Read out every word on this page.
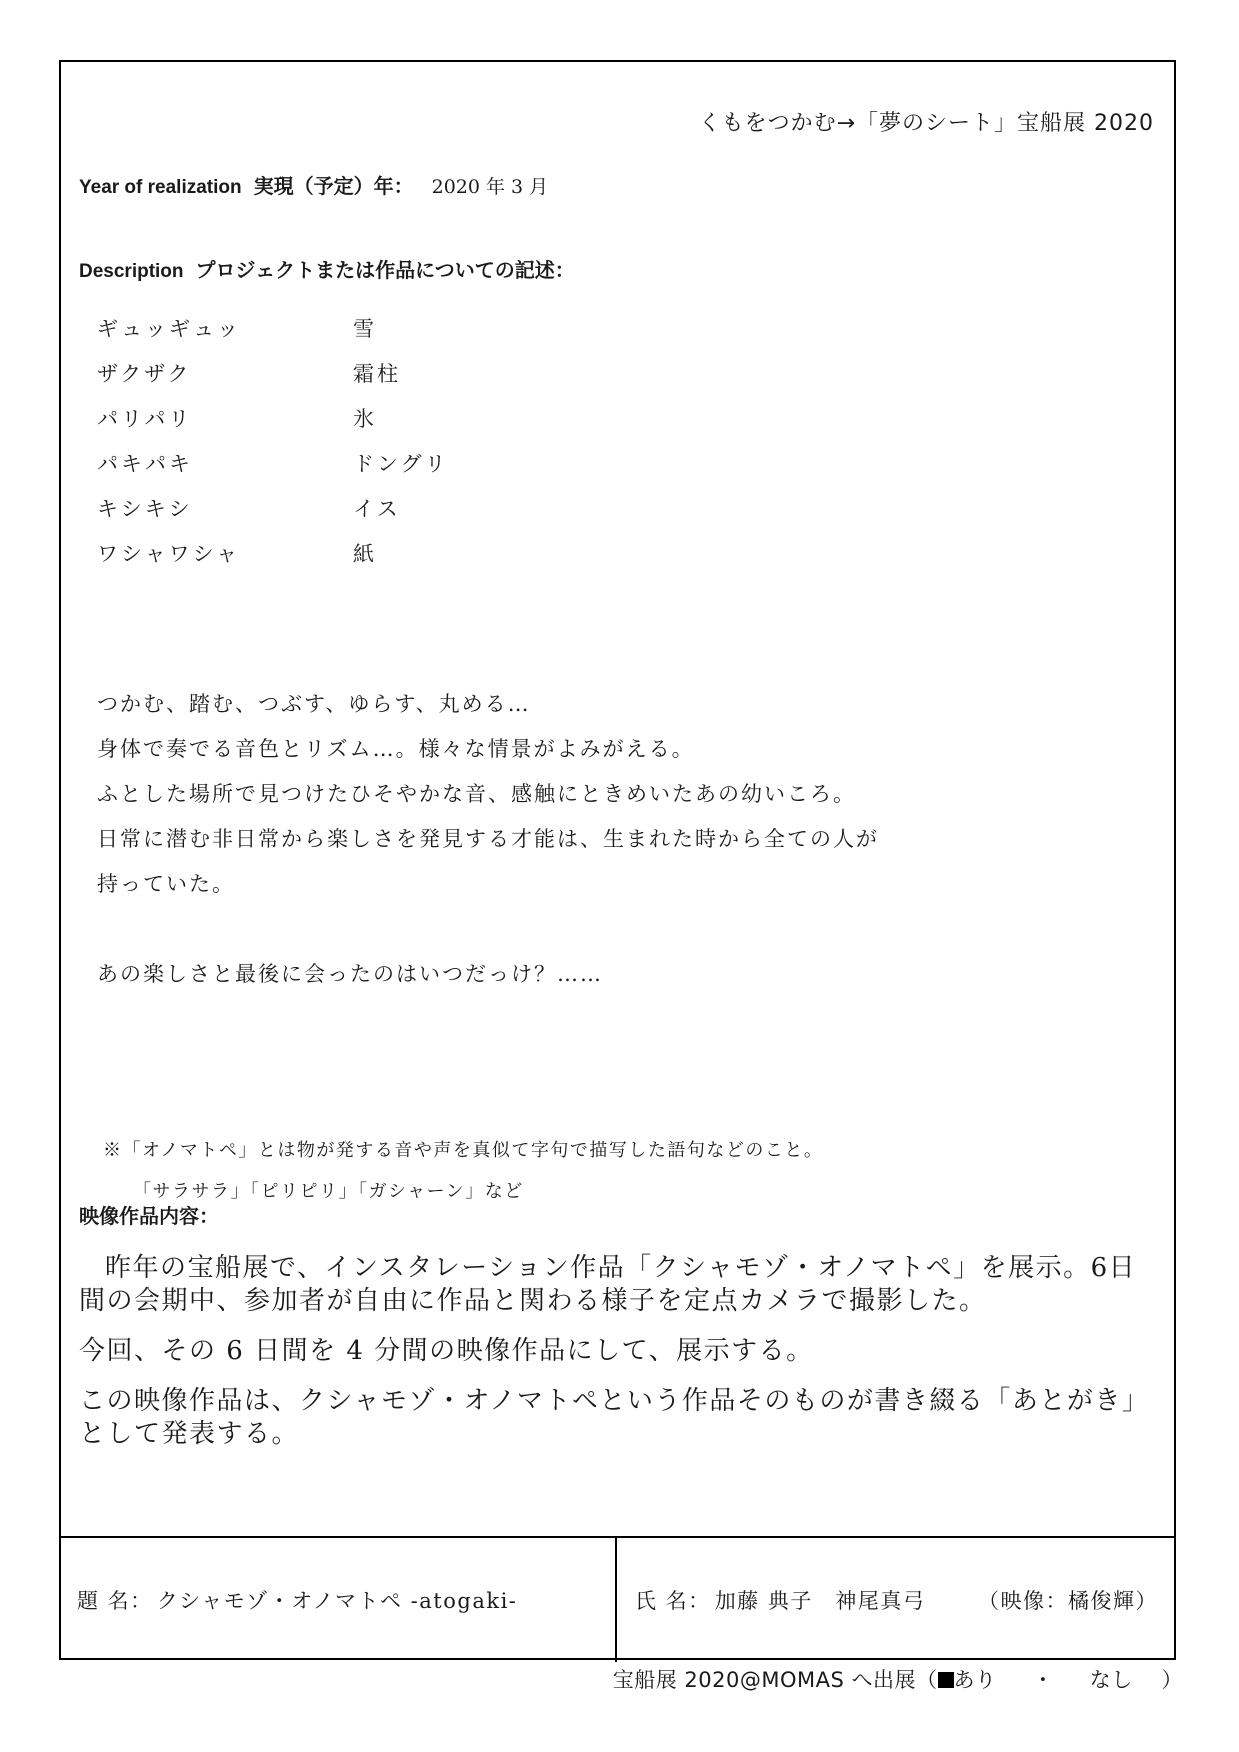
くもをつかむ→「夢のシート」宝船展 2020
Year of realization 実現（予定）年： 2020 年 3 月
Description プロジェクトまたは作品についての記述：
ギュッギュッ	雪
ザクザク	霜柱
パリパリ	氷
パキパキ	ドングリ
キシキシ	イス
ワシャワシャ	紙
つかむ、踏む、つぶす、ゆらす、丸める…
身体で奏でる音色とリズム…。様々な情景がよみがえる。
ふとした場所で見つけたひそやかな音、感触にときめいたあの幼いころ。
日常に潜む非日常から楽しさを発見する才能は、生まれた時から全ての人が
持っていた。
あの楽しさと最後に会ったのはいつだっけ？……
※「オノマトペ」とは物が発する音や声を真似て字句で描写した語句などのこと。
「サラサラ」「ピリピリ」「ガシャーン」など
映像作品内容：

昨年の宝船展で、インスタレーション作品「クシャモゾ・オノマトペ」を展示。6日間の会期中、参加者が自由に作品と関わる様子を定点カメラで撮影した。

今回、その 6 日間を 4 分間の映像作品にして、展示する。

この映像作品は、クシャモゾ・オノマトペという作品そのものが書き綴る「あとがき」として発表する。

題 名： クシャモゾ・オノマトペ -atogaki-	氏 名： 加藤 典子　神尾真弓	（映像：橘俊輝）
宝船展 2020@MOMAS へ出展（ あり ・ なし ）
